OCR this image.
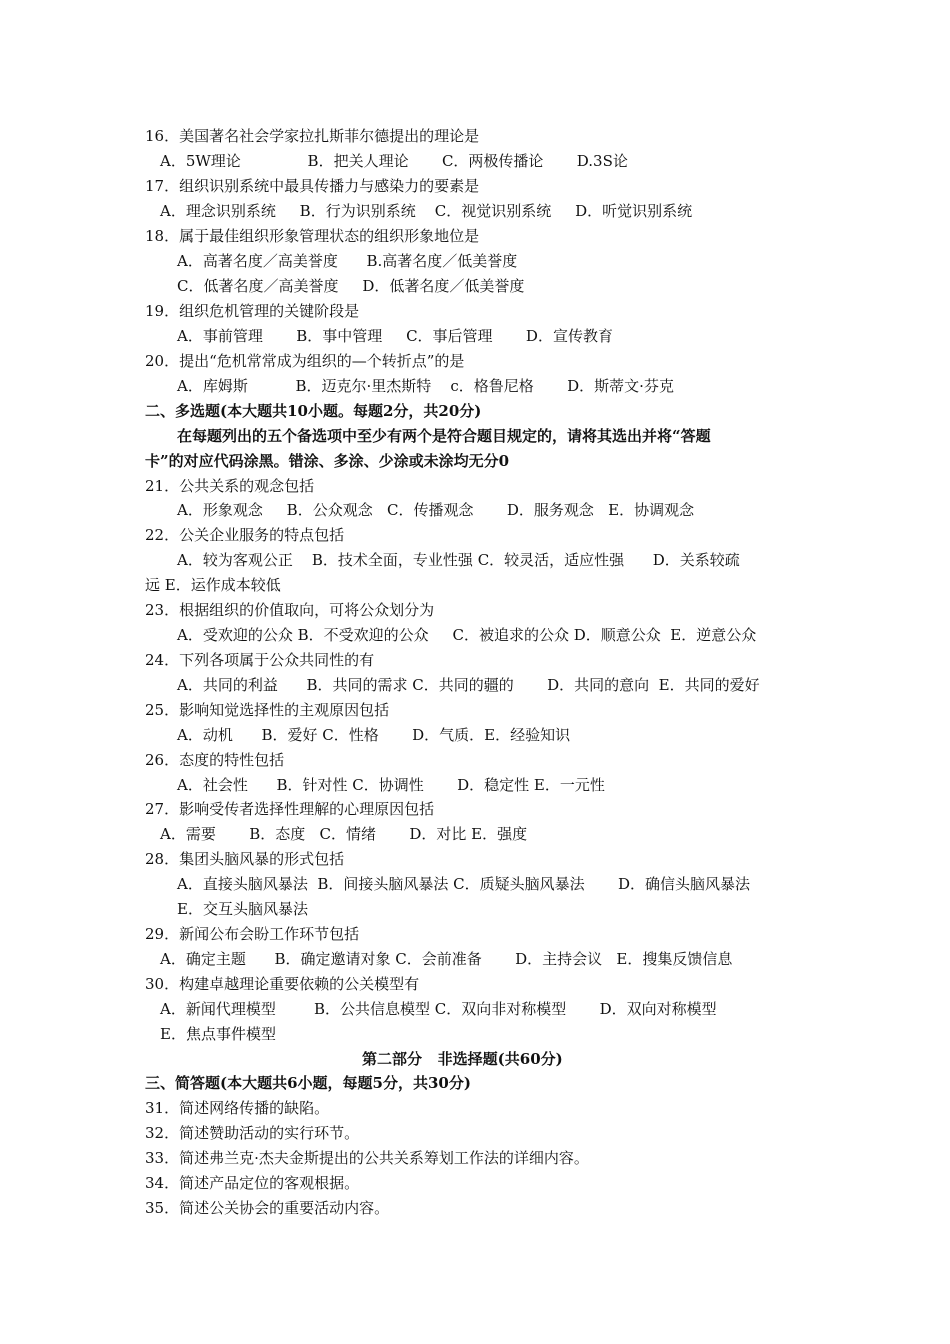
16．美国著名社会学家拉扎斯菲尔德提出的理论是
A．5W理论              B．把关人理论       C．两极传播论       D.3S论
17．组织识别系统中最具传播力与感染力的要素是
A．理念识别系统     B．行为识别系统    C．视觉识别系统     D．听觉识别系统
18．属于最佳组织形象管理状态的组织形象地位是
A．高著名度／高美誉度      B.高著名度／低美誉度
C．低著名度／高美誉度     D．低著名度／低美誉度
19．组织危机管理的关键阶段是
A．事前管理       B．事中管理     C．事后管理       D．宣传教育
20．提出“危机常常成为组织的—个转折点”的是
A．库姆斯          B．迈克尔·里杰斯特    c．格鲁尼格       D．斯蒂文·芬克
二、多选题(本大题共10小题。每题2分，共20分)
在每题列出的五个备选项中至少有两个是符合题目规定的，请将其选出并将“答题
卡”的对应代码涂黑。错涂、多涂、少涂或未涂均无分0
21．公共关系的观念包括
A．形象观念     B．公众观念   C．传播观念       D．服务观念   E．协调观念
22．公关企业服务的特点包括
A．较为客观公正    B．技术全面，专业性强 C．较灵活，适应性强      D．关系较疏
远 E．运作成本较低
23．根据组织的价值取向，可将公众划分为
A．受欢迎的公众 B．不受欢迎的公众     C．被追求的公众 D．顺意公众  E．逆意公众
24．下列各项属于公众共同性的有
A．共同的利益      B．共同的需求 C．共同的疆的       D．共同的意向  E．共同的爱好
25．影响知觉选择性的主观原因包括
A．动机      B．爱好 C．性格       D．气质．E．经验知识
26．态度的特性包括
A．社会性      B．针对性 C．协调性       D．稳定性 E．一元性
27．影响受传者选择性理解的心理原因包括
A．需要       B．态度   C．情绪       D．对比 E．强度
28．集团头脑风暴的形式包括
A．直接头脑风暴法  B．间接头脑风暴法 C．质疑头脑风暴法       D．确信头脑风暴法
E．交互头脑风暴法
29．新闻公布会盼工作环节包括
A．确定主题      B．确定邀请对象 C．会前准备       D．主持会议   E．搜集反馈信息
30．构建卓越理论重要依赖的公关模型有
A．新闻代理模型        B．公共信息模型 C．双向非对称模型       D．双向对称模型
E．焦点事件模型
第二部分   非选择题(共60分)
三、简答题(本大题共6小题，每题5分，共30分)
31．简述网络传播的缺陷。
32．简述赞助活动的实行环节。
33．简述弗兰克·杰夫金斯提出的公共关系筹划工作法的详细内容。
34．简述产品定位的客观根据。
35．简述公关协会的重要活动内容。
